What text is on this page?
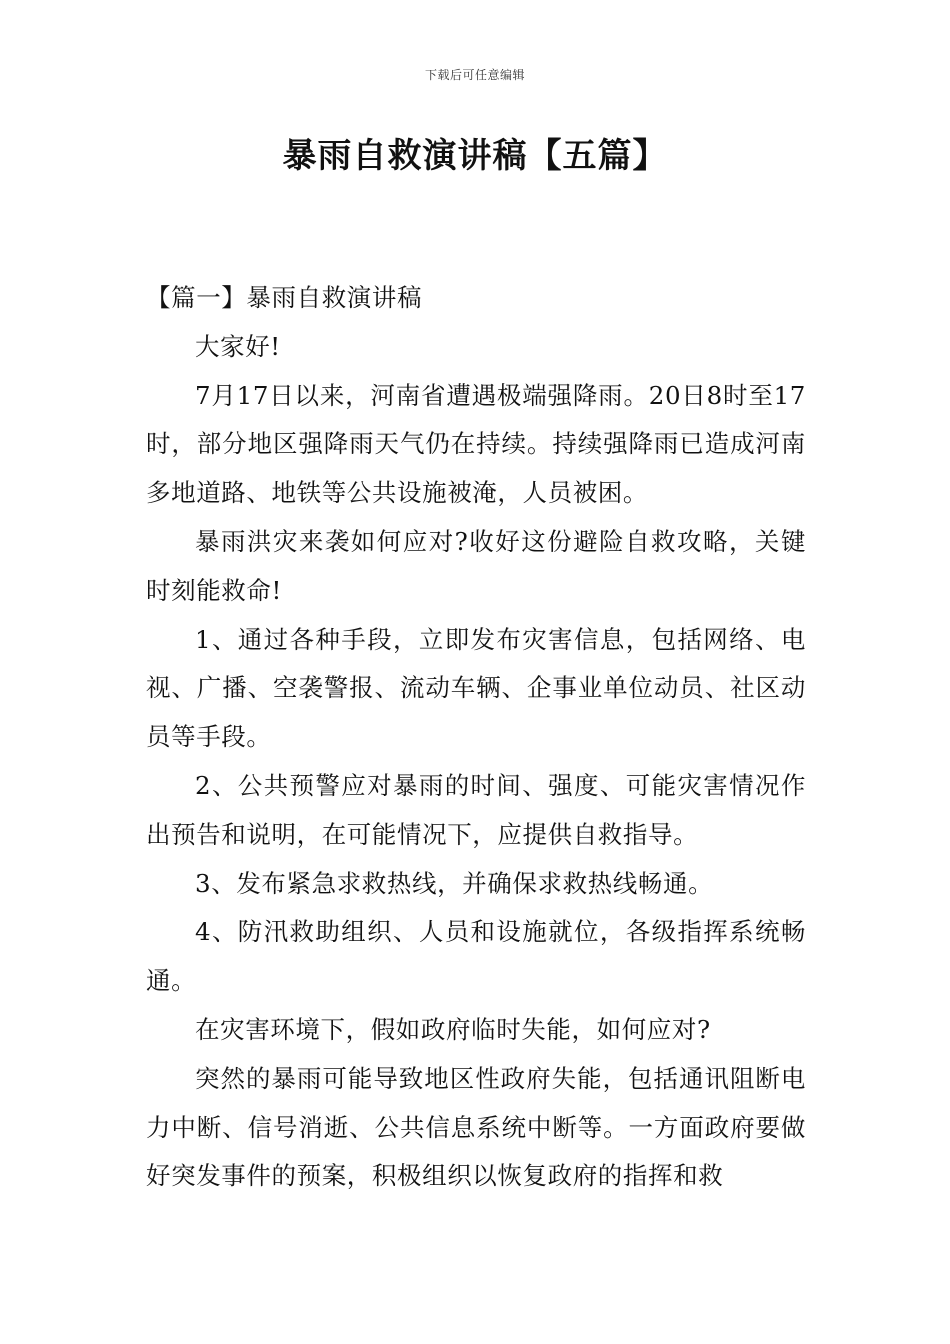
下载后可任意编辑
暴雨自救演讲稿【五篇】

【篇一】暴雨自救演讲稿

大家好!

7月17日以来，河南省遭遇极端强降雨。20日8时至17时，部分地区强降雨天气仍在持续。持续强降雨已造成河南多地道路、地铁等公共设施被淹，人员被困。

暴雨洪灾来袭如何应对?收好这份避险自救攻略，关键时刻能救命!

1、通过各种手段，立即发布灾害信息，包括网络、电视、广播、空袭警报、流动车辆、企事业单位动员、社区动员等手段。

2、公共预警应对暴雨的时间、强度、可能灾害情况作出预告和说明，在可能情况下，应提供自救指导。

3、发布紧急求救热线，并确保求救热线畅通。

4、防汛救助组织、人员和设施就位，各级指挥系统畅通。

在灾害环境下，假如政府临时失能，如何应对?

突然的暴雨可能导致地区性政府失能，包括通讯阻断电力中断、信号消逝、公共信息系统中断等。一方面政府要做好突发事件的预案，积极组织以恢复政府的指挥和救
